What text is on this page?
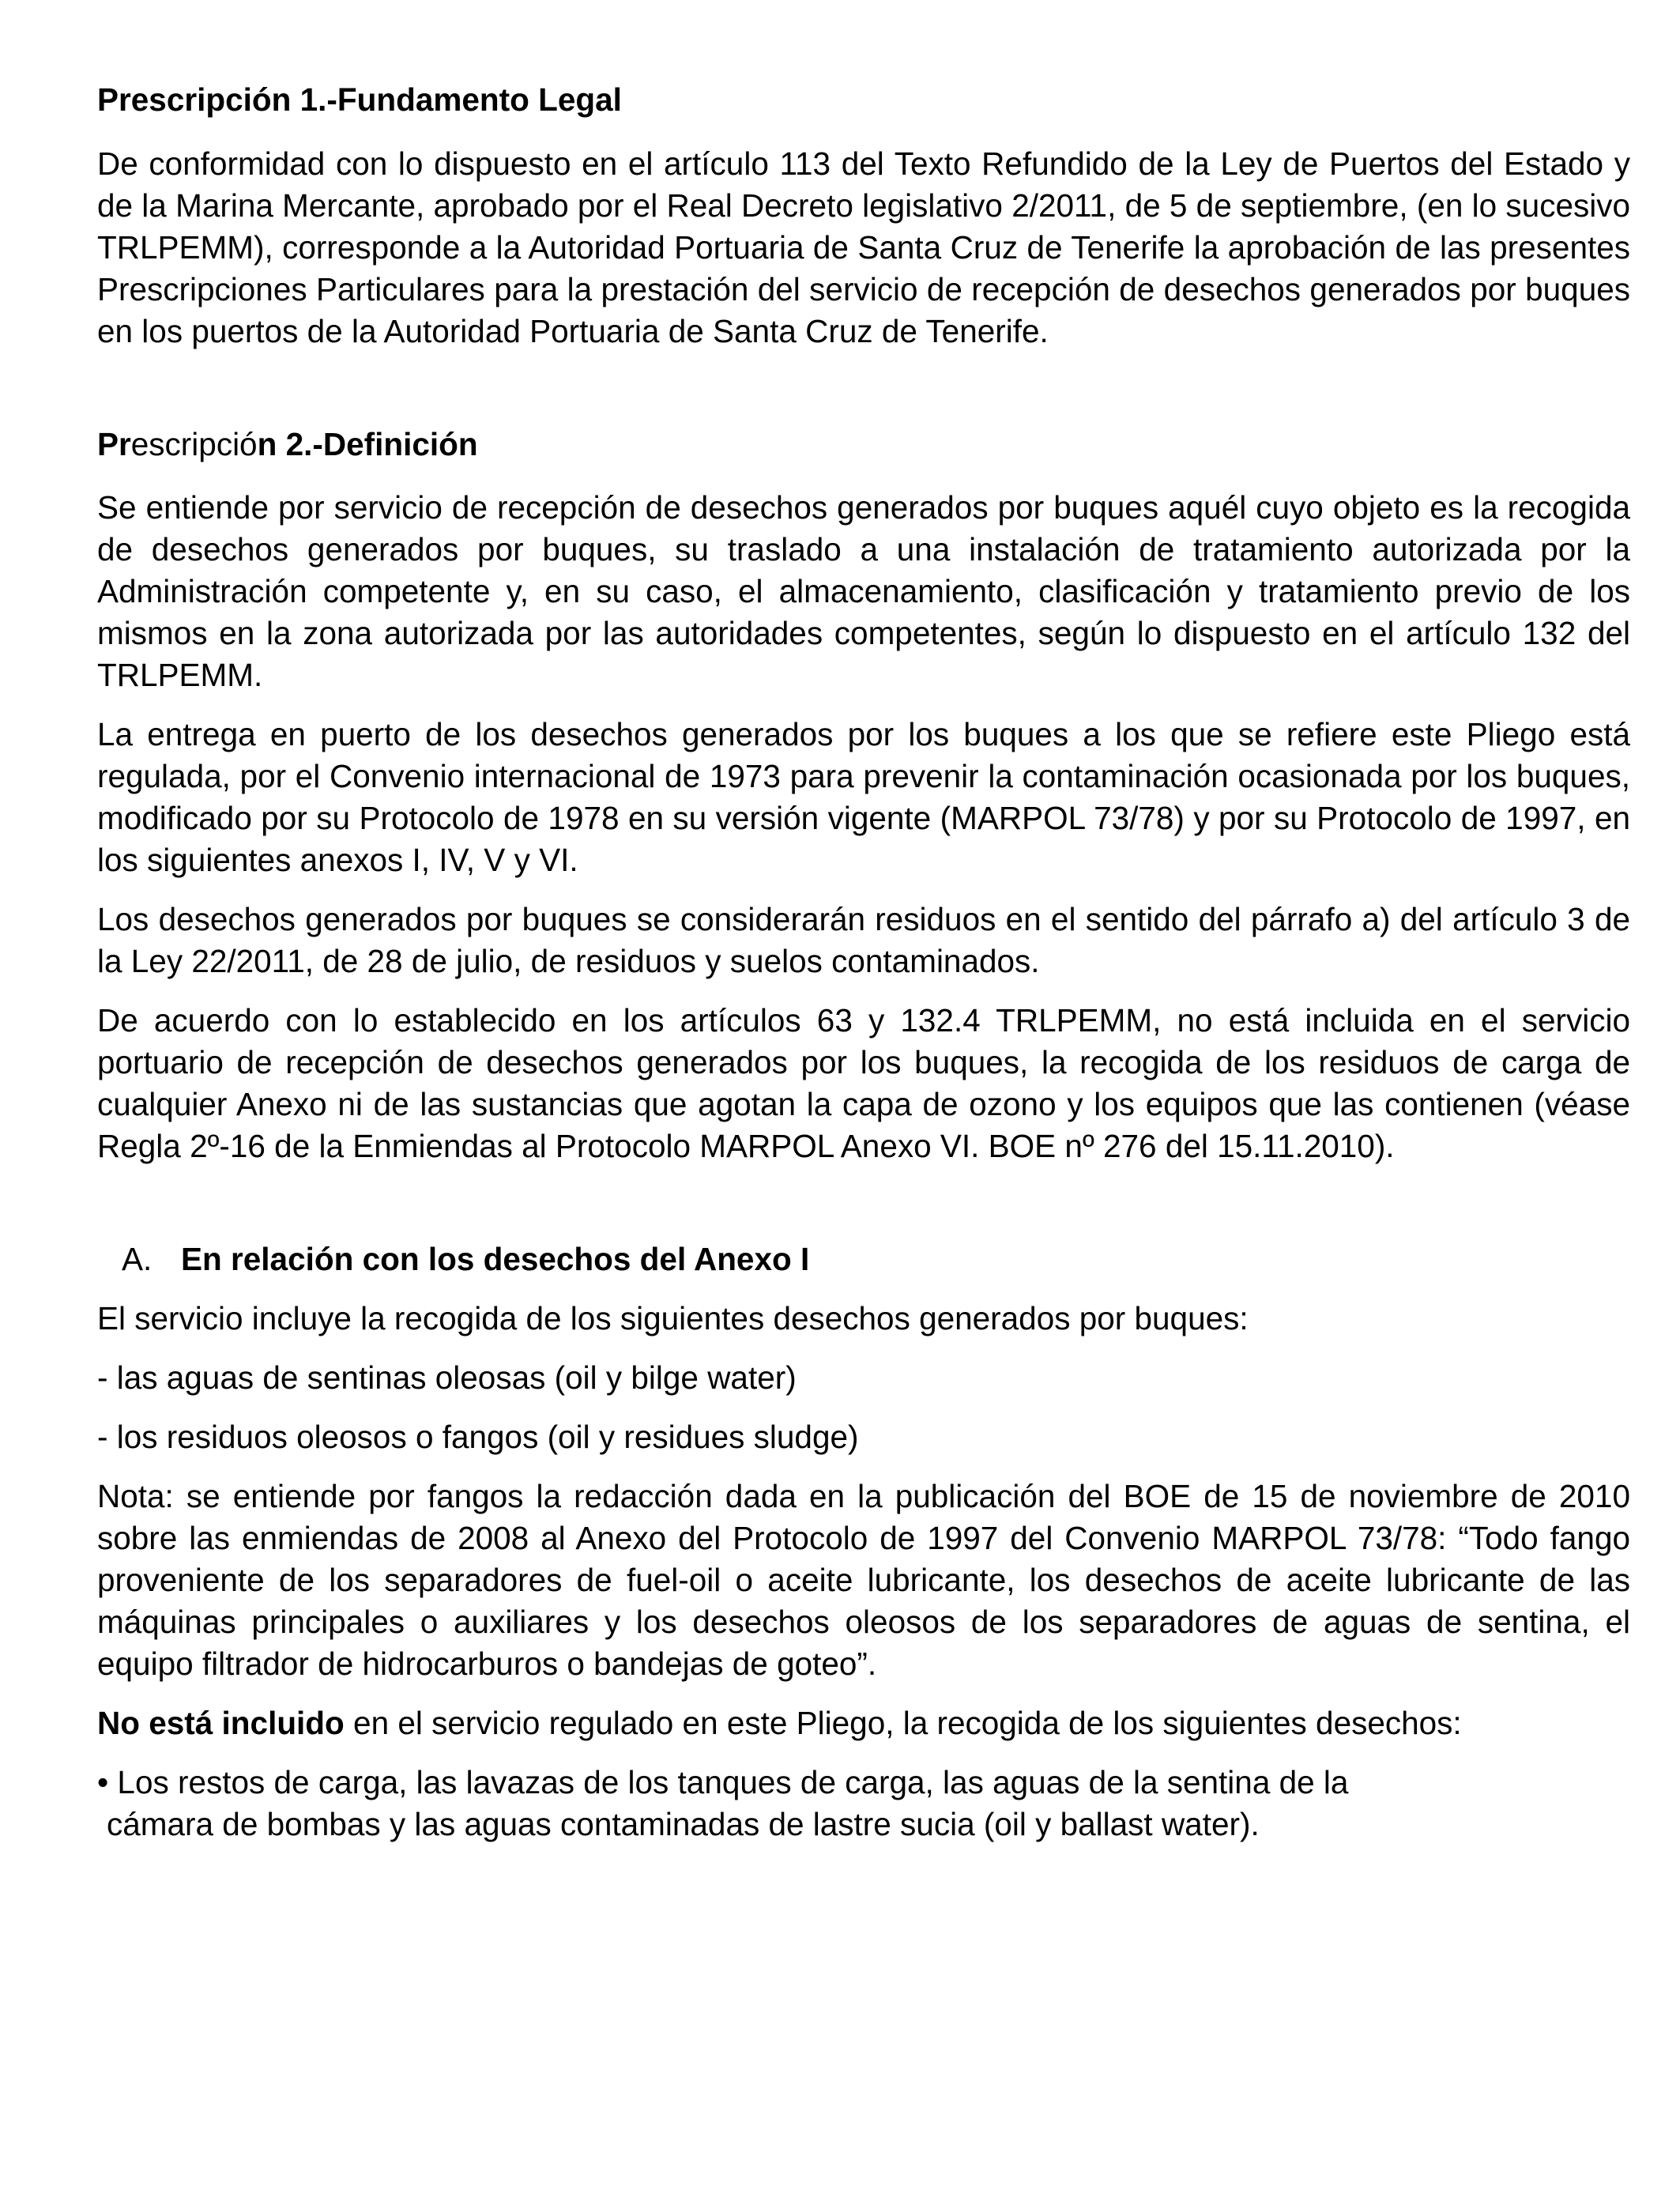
Prescripción 1.-Fundamento Legal

De conformidad con lo dispuesto en el artículo 113 del Texto Refundido de la Ley de Puertos del Estado y de la Marina Mercante, aprobado por el Real Decreto legislativo 2/2011, de 5 de septiembre, (en lo sucesivo TRLPEMM), corresponde a la Autoridad Portuaria de Santa Cruz de Tenerife la aprobación de las presentes Prescripciones Particulares para la prestación del servicio de recepción de desechos generados por buques en los puertos de la Autoridad Portuaria de Santa Cruz de Tenerife.

Prescripción 2.-Definición

Se entiende por servicio de recepción de desechos generados por buques aquél cuyo objeto es la recogida de desechos generados por buques, su traslado a una instalación de tratamiento autorizada por la Administración competente y, en su caso, el almacenamiento, clasificación y tratamiento previo de los mismos en la zona autorizada por las autoridades competentes, según lo dispuesto en el artículo 132 del TRLPEMM.

La entrega en puerto de los desechos generados por los buques a los que se refiere este Pliego está regulada, por el Convenio internacional de 1973 para prevenir la contaminación ocasionada por los buques, modificado por su Protocolo de 1978 en su versión vigente (MARPOL 73/78) y por su Protocolo de 1997, en los siguientes anexos I, IV, V y VI.

Los desechos generados por buques se considerarán residuos en el sentido del párrafo a) del artículo 3 de la Ley 22/2011, de 28 de julio, de residuos y suelos contaminados.

De acuerdo con lo establecido en los artículos 63 y 132.4 TRLPEMM, no está incluida en el servicio portuario de recepción de desechos generados por los buques, la recogida de los residuos de carga de cualquier Anexo ni de las sustancias que agotan la capa de ozono y los equipos que las contienen (véase Regla 2º-16 de la Enmiendas al Protocolo MARPOL Anexo VI. BOE nº 276 del 15.11.2010).

A. En relación con los desechos del Anexo I

El servicio incluye la recogida de los siguientes desechos generados por buques:

- las aguas de sentinas oleosas (oil y bilge water)

- los residuos oleosos o fangos (oil y residues sludge)

Nota: se entiende por fangos la redacción dada en la publicación del BOE de 15 de noviembre de 2010 sobre las enmiendas de 2008 al Anexo del Protocolo de 1997 del Convenio MARPOL 73/78: “Todo fango proveniente de los separadores de fuel-oil o aceite lubricante, los desechos de aceite lubricante de las máquinas principales o auxiliares y los desechos oleosos de los separadores de aguas de sentina, el equipo filtrador de hidrocarburos o bandejas de goteo”.

No está incluido en el servicio regulado en este Pliego, la recogida de los siguientes desechos:

• Los restos de carga, las lavazas de los tanques de carga, las aguas de la sentina de la

cámara de bombas y las aguas contaminadas de lastre sucia (oil y ballast water).
